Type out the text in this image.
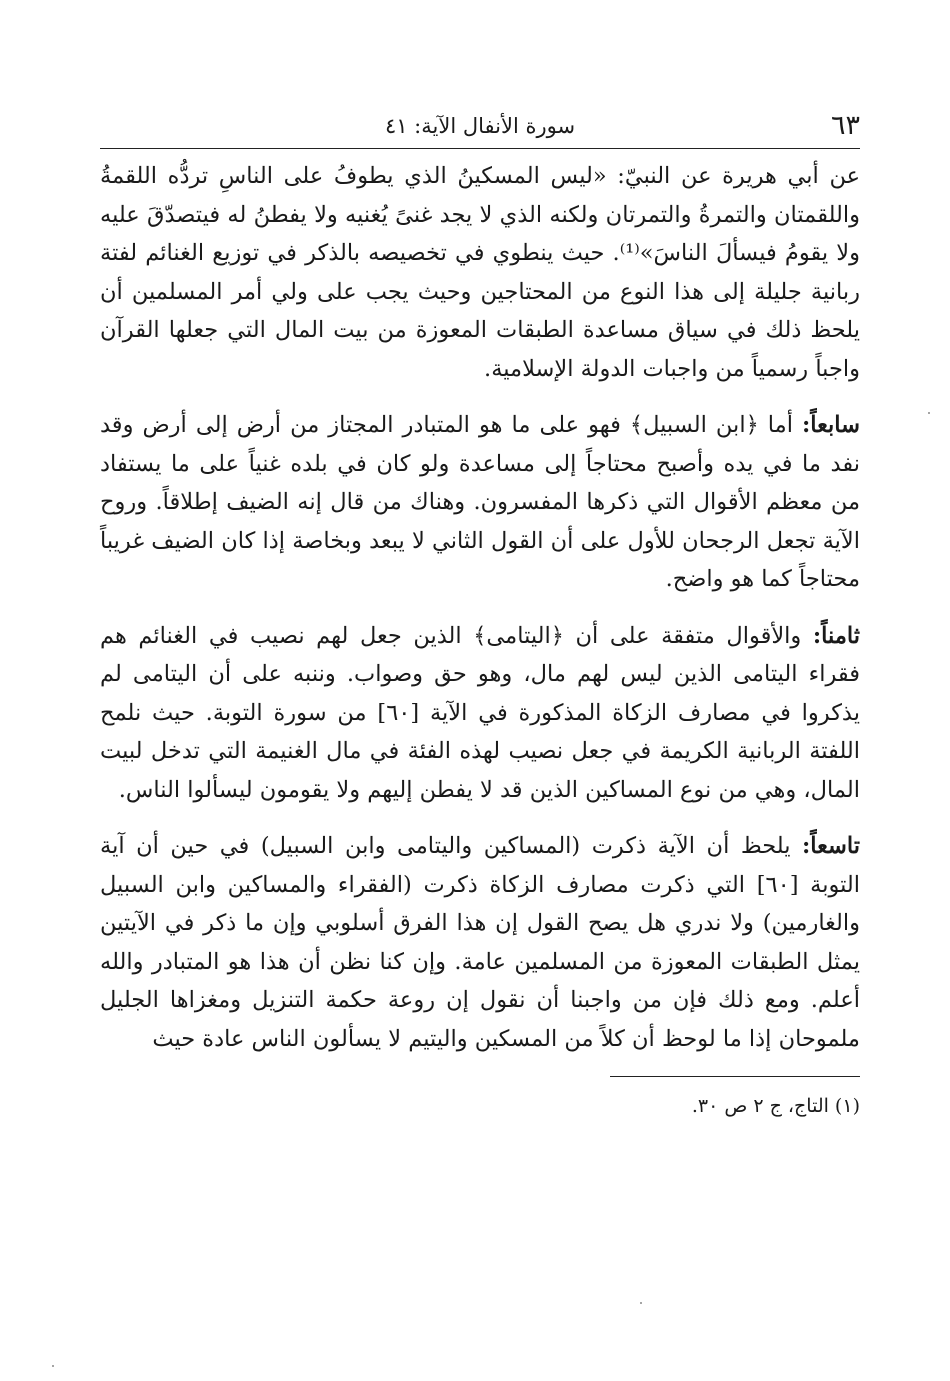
٦٣
سورة الأنفال الآية: ٤١

عن أبي هريرة عن النبيّ: «ليس المسكينُ الذي يطوفُ على الناسِ تردُّه اللقمةُ واللقمتان والتمرةُ والتمرتان ولكنه الذي لا يجد غنىً يُغنيه ولا يفطنُ له فيتصدّقَ عليه ولا يقومُ فيسألَ الناسَ»⁽¹⁾. حيث ينطوي في تخصيصه بالذكر في توزيع الغنائم لفتة ربانية جليلة إلى هذا النوع من المحتاجين وحيث يجب على ولي أمر المسلمين أن يلحظ ذلك في سياق مساعدة الطبقات المعوزة من بيت المال التي جعلها القرآن واجباً رسمياً من واجبات الدولة الإسلامية.

سابعاً: أما ﴿ابن السبيل﴾ فهو على ما هو المتبادر المجتاز من أرض إلى أرض وقد نفد ما في يده وأصبح محتاجاً إلى مساعدة ولو كان في بلده غنياً على ما يستفاد من معظم الأقوال التي ذكرها المفسرون. وهناك من قال إنه الضيف إطلاقاً. وروح الآية تجعل الرجحان للأول على أن القول الثاني لا يبعد وبخاصة إذا كان الضيف غريباً محتاجاً كما هو واضح.

ثامناً: والأقوال متفقة على أن ﴿اليتامى﴾ الذين جعل لهم نصيب في الغنائم هم فقراء اليتامى الذين ليس لهم مال، وهو حق وصواب. وننبه على أن اليتامى لم يذكروا في مصارف الزكاة المذكورة في الآية [٦٠] من سورة التوبة. حيث نلمح اللفتة الربانية الكريمة في جعل نصيب لهذه الفئة في مال الغنيمة التي تدخل لبيت المال، وهي من نوع المساكين الذين قد لا يفطن إليهم ولا يقومون ليسألوا الناس.

تاسعاً: يلحظ أن الآية ذكرت (المساكين واليتامى وابن السبيل) في حين أن آية التوبة [٦٠] التي ذكرت مصارف الزكاة ذكرت (الفقراء والمساكين وابن السبيل والغارمين) ولا ندري هل يصح القول إن هذا الفرق أسلوبي وإن ما ذكر في الآيتين يمثل الطبقات المعوزة من المسلمين عامة. وإن كنا نظن أن هذا هو المتبادر والله أعلم. ومع ذلك فإن من واجبنا أن نقول إن روعة حكمة التنزيل ومغزاها الجليل ملموحان إذا ما لوحظ أن كلاً من المسكين واليتيم لا يسألون الناس عادة حيث

(١) التاج، ج ٢ ص ٣٠.
